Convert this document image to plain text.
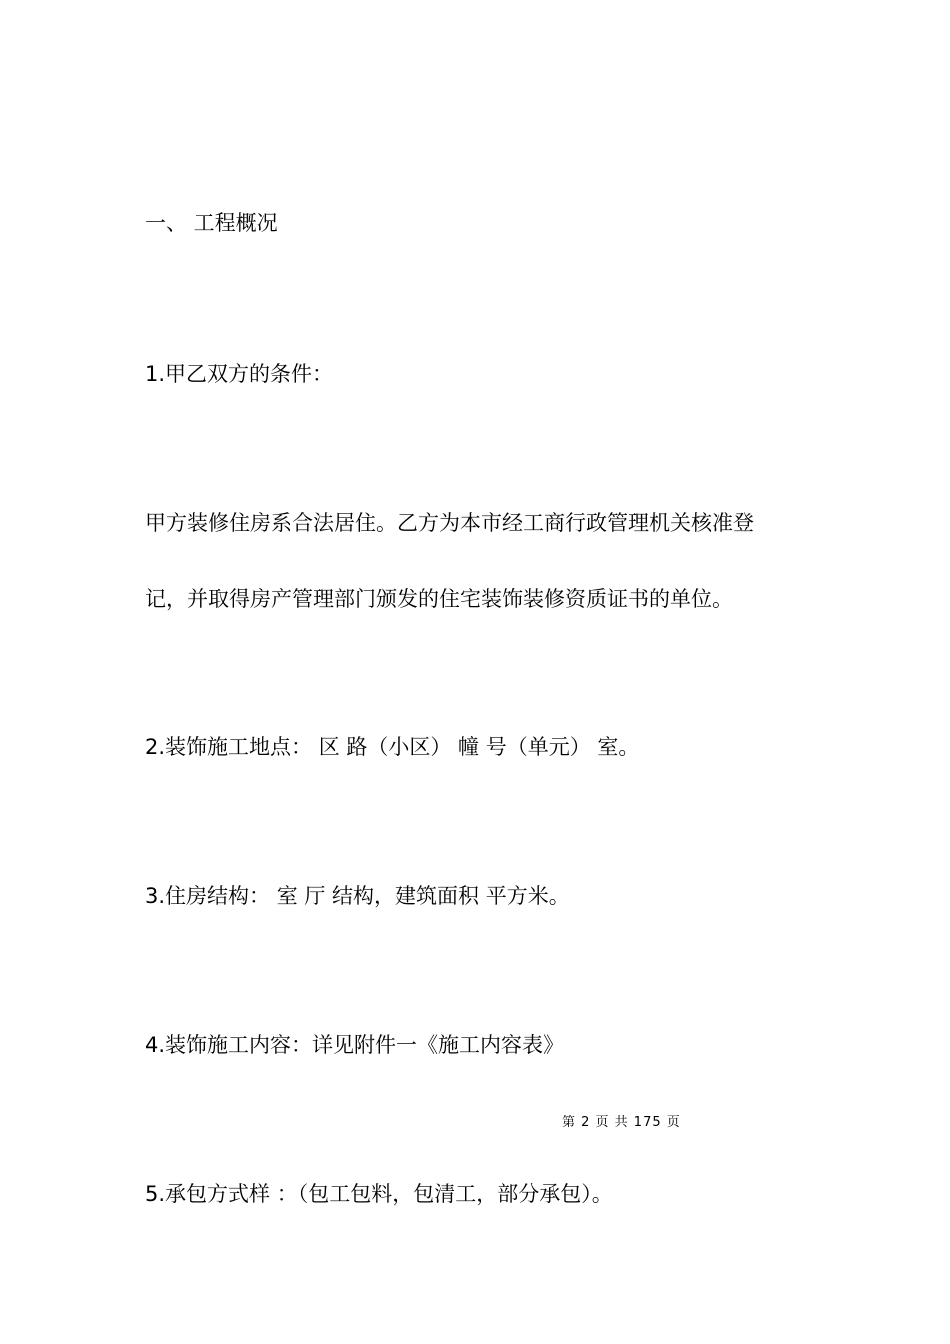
一、 工程概况

1.甲乙双方的条件：

甲方装修住房系合法居住。乙方为本市经工商行政管理机关核准登

记，并取得房产管理部门颁发的住宅装饰装修资质证书的单位。

2.装饰施工地点： 区 路（小区） 幢 号（单元） 室。

3.住房结构： 室 厅 结构，建筑面积 平方米。

4.装饰施工内容：详见附件一《施工内容表》

第 2 页 共 175 页

5.承包方式样 ：（包工包料，包清工，部分承包）。
